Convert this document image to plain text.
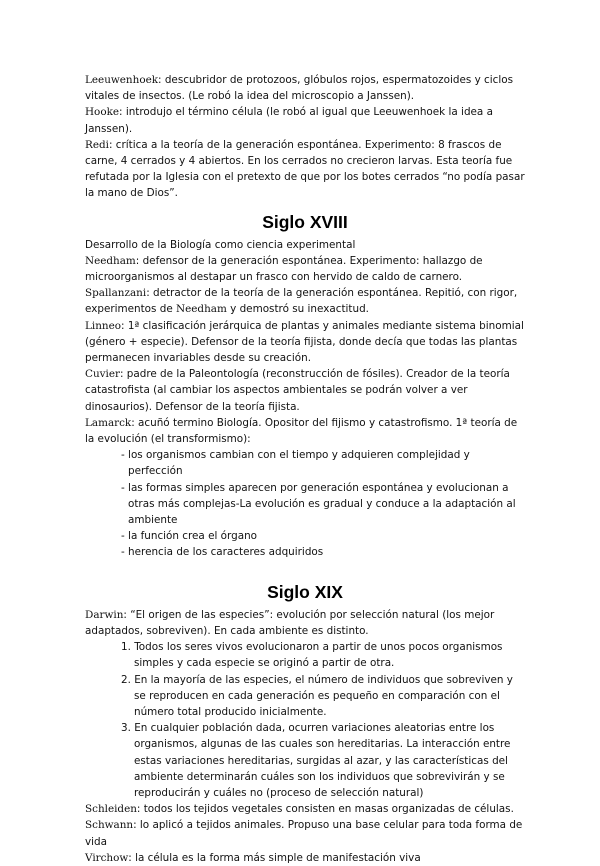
Leeuwenhoek: descubridor de protozoos, glóbulos rojos, espermatozoides y ciclos vitales de insectos. (Le robó la idea del microscopio a Janssen).

Hooke: introdujo el término célula (le robó al igual que Leeuwenhoek la idea a Janssen).

Redi: crítica a la teoría de la generación espontánea. Experimento: 8 frascos de carne, 4 cerrados y 4 abiertos. En los cerrados no crecieron larvas. Esta teoría fue refutada por la Iglesia con el pretexto de que por los botes cerrados “no podía pasar la mano de Dios”.

Siglo XVIII

Desarrollo de la Biología como ciencia experimental

Needham: defensor de la generación espontánea. Experimento: hallazgo de microorganismos al destapar un frasco con hervido de caldo de carnero.

Spallanzani: detractor de la teoría de la generación espontánea. Repitió, con rigor, experimentos de Needham y demostró su inexactitud.

Linneo: 1ª clasificación jerárquica de plantas y animales mediante sistema binomial (género + especie). Defensor de la teoría fijista, donde decía que todas las plantas permanecen invariables desde su creación.

Cuvier: padre de la Paleontología (reconstrucción de fósiles). Creador de la teoría catastrofista (al cambiar los aspectos ambientales se podrán volver a ver dinosaurios). Defensor de la teoría fijista.

Lamarck: acuñó termino Biología. Opositor del fijismo y catastrofismo. 1ª teoría de la evolución (el transformismo):

- los organismos cambian con el tiempo y adquieren complejidad y perfección
- las formas simples aparecen por generación espontánea y evolucionan a otras más complejas-La evolución es gradual y conduce a la adaptación al ambiente
- la función crea el órgano
- herencia de los caracteres adquiridos
Siglo XIX

Darwin: “El origen de las especies”: evolución por selección natural (los mejor adaptados, sobreviven). En cada ambiente es distinto.

1. Todos los seres vivos evolucionaron a partir de unos pocos organismos simples y cada especie se originó a partir de otra.
2. En la mayoría de las especies, el número de individuos que sobreviven y se reproducen en cada generación es pequeño en comparación con el número total producido inicialmente.
3. En cualquier población dada, ocurren variaciones aleatorias entre los organismos, algunas de las cuales son hereditarias. La interacción entre estas variaciones hereditarias, surgidas al azar, y las características del ambiente determinarán cuáles son los individuos que sobrevivirán y se reproducirán y cuáles no (proceso de selección natural)

Schleiden: todos los tejidos vegetales consisten en masas organizadas de células.

Schwann: lo aplicó a tejidos animales. Propuso una base celular para toda forma de vida

Virchow: la célula es la forma más simple de manifestación viva
